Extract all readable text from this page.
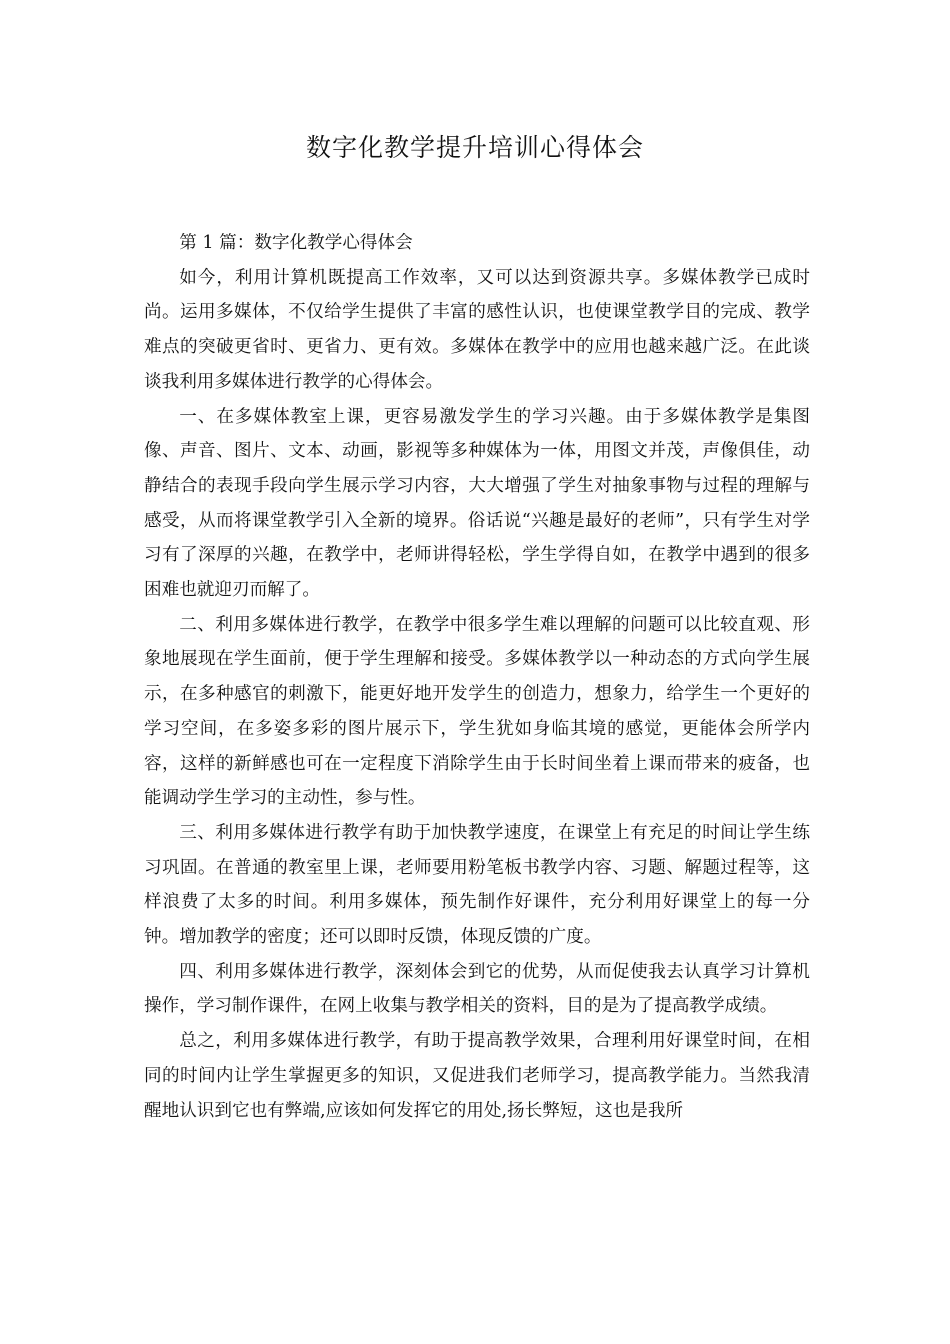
数字化教学提升培训心得体会

第 1 篇：数字化教学心得体会

如今，利用计算机既提高工作效率，又可以达到资源共享。多媒体教学已成时尚。运用多媒体，不仅给学生提供了丰富的感性认识，也使课堂教学目的完成、教学难点的突破更省时、更省力、更有效。多媒体在教学中的应用也越来越广泛。在此谈谈我利用多媒体进行教学的心得体会。

一、在多媒体教室上课，更容易激发学生的学习兴趣。由于多媒体教学是集图像、声音、图片、文本、动画，影视等多种媒体为一体，用图文并茂，声像俱佳，动静结合的表现手段向学生展示学习内容，大大增强了学生对抽象事物与过程的理解与感受，从而将课堂教学引入全新的境界。俗话说“兴趣是最好的老师”，只有学生对学习有了深厚的兴趣，在教学中，老师讲得轻松，学生学得自如，在教学中遇到的很多困难也就迎刃而解了。

二、利用多媒体进行教学，在教学中很多学生难以理解的问题可以比较直观、形象地展现在学生面前，便于学生理解和接受。多媒体教学以一种动态的方式向学生展示，在多种感官的刺激下，能更好地开发学生的创造力，想象力，给学生一个更好的学习空间，在多姿多彩的图片展示下，学生犹如身临其境的感觉，更能体会所学内容，这样的新鲜感也可在一定程度下消除学生由于长时间坐着上课而带来的疲备，也能调动学生学习的主动性，参与性。

三、利用多媒体进行教学有助于加快教学速度，在课堂上有充足的时间让学生练习巩固。在普通的教室里上课，老师要用粉笔板书教学内容、习题、解题过程等，这样浪费了太多的时间。利用多媒体，预先制作好课件，充分利用好课堂上的每一分钟。增加教学的密度；还可以即时反馈，体现反馈的广度。

四、利用多媒体进行教学，深刻体会到它的优势，从而促使我去认真学习计算机操作，学习制作课件，在网上收集与教学相关的资料，目的是为了提高教学成绩。

总之，利用多媒体进行教学，有助于提高教学效果，合理利用好课堂时间，在相同的时间内让学生掌握更多的知识，又促进我们老师学习，提高教学能力。当然我清醒地认识到它也有弊端,应该如何发挥它的用处,扬长弊短，这也是我所
